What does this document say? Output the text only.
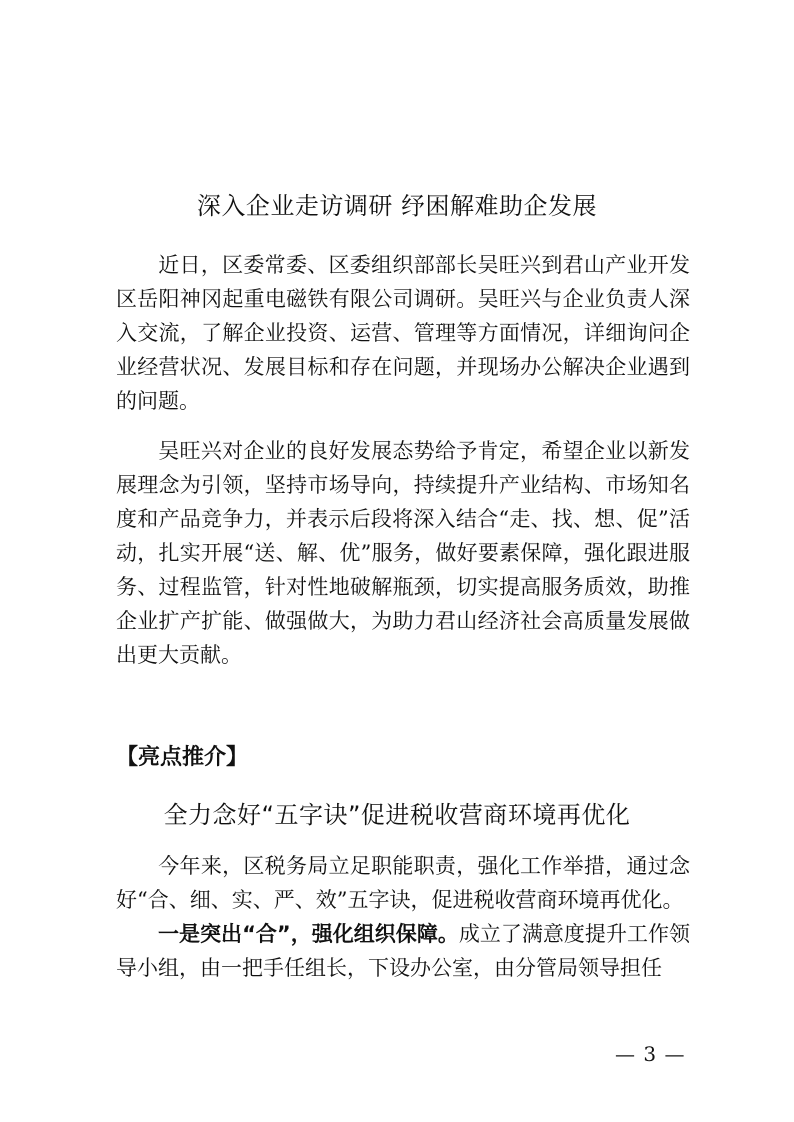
深入企业走访调研 纾困解难助企发展
近日，区委常委、区委组织部部长吴旺兴到君山产业开发区岳阳神冈起重电磁铁有限公司调研。吴旺兴与企业负责人深入交流，了解企业投资、运营、管理等方面情况，详细询问企业经营状况、发展目标和存在问题，并现场办公解决企业遇到的问题。
吴旺兴对企业的良好发展态势给予肯定，希望企业以新发展理念为引领，坚持市场导向，持续提升产业结构、市场知名度和产品竞争力，并表示后段将深入结合“走、找、想、促”活动，扎实开展“送、解、优”服务，做好要素保障，强化跟进服务、过程监管，针对性地破解瓶颈，切实提高服务质效，助推企业扩产扩能、做强做大，为助力君山经济社会高质量发展做出更大贡献。
【亮点推介】
全力念好“五字诀”促进税收营商环境再优化
今年来，区税务局立足职能职责，强化工作举措，通过念好“合、细、实、严、效”五字诀，促进税收营商环境再优化。
一是突出“合”，强化组织保障。成立了满意度提升工作领导小组，由一把手任组长，下设办公室，由分管局领导担任
— 3 —
